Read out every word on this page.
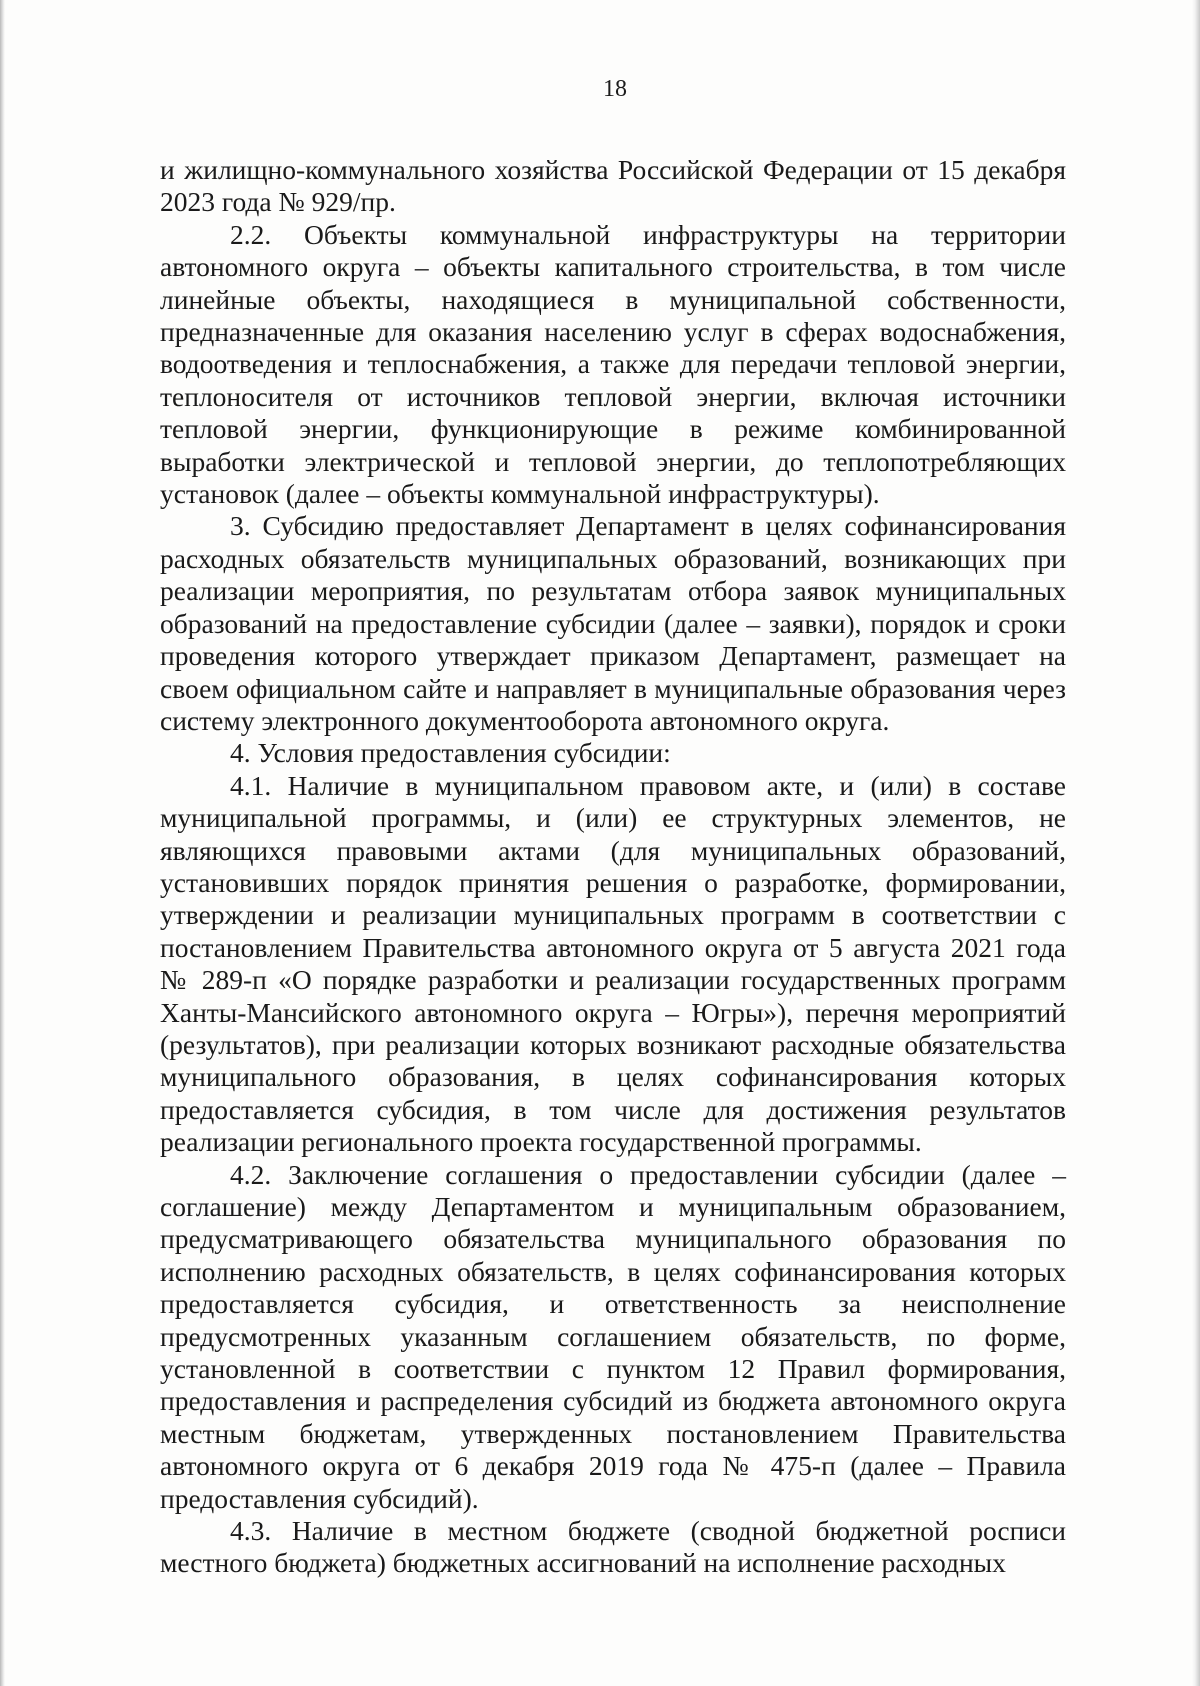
18

и жилищно-коммунального хозяйства Российской Федерации от 15 декабря 2023 года № 929/пр.

2.2. Объекты коммунальной инфраструктуры на территории автономного округа – объекты капитального строительства, в том числе линейные объекты, находящиеся в муниципальной собственности, предназначенные для оказания населению услуг в сферах водоснабжения, водоотведения и теплоснабжения, а также для передачи тепловой энергии, теплоносителя от источников тепловой энергии, включая источники тепловой энергии, функционирующие в режиме комбинированной выработки электрической и тепловой энергии, до теплопотребляющих установок (далее – объекты коммунальной инфраструктуры).

3. Субсидию предоставляет Департамент в целях софинансирования расходных обязательств муниципальных образований, возникающих при реализации мероприятия, по результатам отбора заявок муниципальных образований на предоставление субсидии (далее – заявки), порядок и сроки проведения которого утверждает приказом Департамент, размещает на своем официальном сайте и направляет в муниципальные образования через систему электронного документооборота автономного округа.

4. Условия предоставления субсидии:

4.1. Наличие в муниципальном правовом акте, и (или) в составе муниципальной программы, и (или) ее структурных элементов, не являющихся правовыми актами (для муниципальных образований, установивших порядок принятия решения о разработке, формировании, утверждении и реализации муниципальных программ в соответствии с постановлением Правительства автономного округа от 5 августа 2021 года № 289-п «О порядке разработки и реализации государственных программ Ханты-Мансийского автономного округа – Югры»), перечня мероприятий (результатов), при реализации которых возникают расходные обязательства муниципального образования, в целях софинансирования которых предоставляется субсидия, в том числе для достижения результатов реализации регионального проекта государственной программы.

4.2. Заключение соглашения о предоставлении субсидии (далее – соглашение) между Департаментом и муниципальным образованием, предусматривающего обязательства муниципального образования по исполнению расходных обязательств, в целях софинансирования которых предоставляется субсидия, и ответственность за неисполнение предусмотренных указанным соглашением обязательств, по форме, установленной в соответствии с пунктом 12 Правил формирования, предоставления и распределения субсидий из бюджета автономного округа местным бюджетам, утвержденных постановлением Правительства автономного округа от 6 декабря 2019 года № 475-п (далее – Правила предоставления субсидий).

4.3. Наличие в местном бюджете (сводной бюджетной росписи местного бюджета) бюджетных ассигнований на исполнение расходных
